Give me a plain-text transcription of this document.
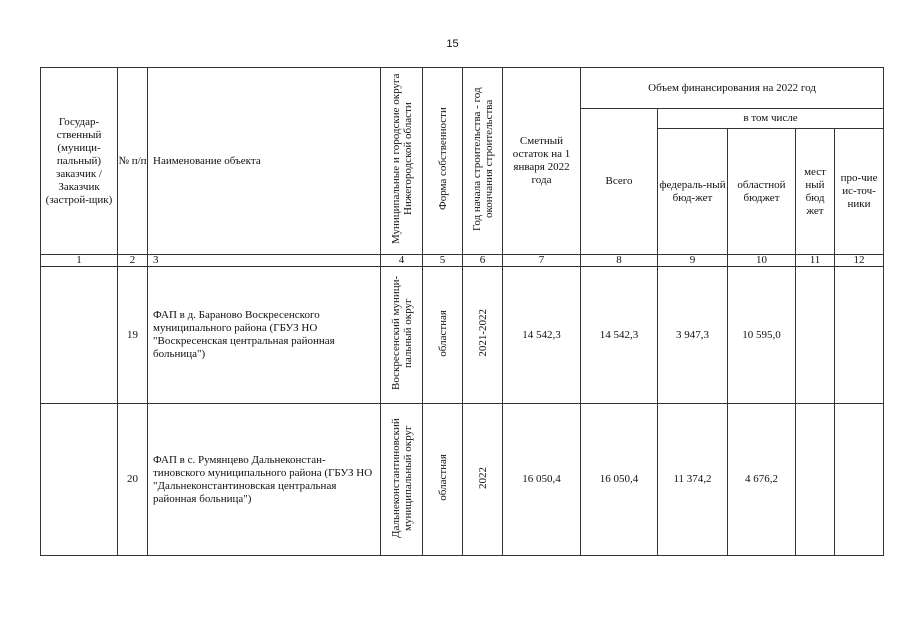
15
Государ-ственный (муници-пальный) заказчик / Заказчик (застрой-щик)	№ п/п	Наименование объекта	Муниципальные и городские округа Нижегородской области	Форма собственности	Год начала строительства - год окончания строительства	Сметный остаток на 1 января 2022 года	Объем финансирования на 2022 год				
							Всего	в том числе			
								федераль-ный бюд-жет	областной бюджет	мест ный бюд жет	про-чие ис-точ-ники
1	2	3	4	5	6	7	8	9	10	11	12
	19	ФАП в д. Бараново Воскресенского муниципального района (ГБУЗ НО "Воскресенская центральная районная больница")	Воскресенский муници-пальный округ	областная	2021-2022	14 542,3	14 542,3	3 947,3	10 595,0		
	20	ФАП в с. Румянцево Дальнеконстан-тиновского муниципального района (ГБУЗ НО "Дальнеконстантиновская центральная районная больница")	Дальнеконстантиновский муниципальный округ	областная	2022	16 050,4	16 050,4	11 374,2	4 676,2		
